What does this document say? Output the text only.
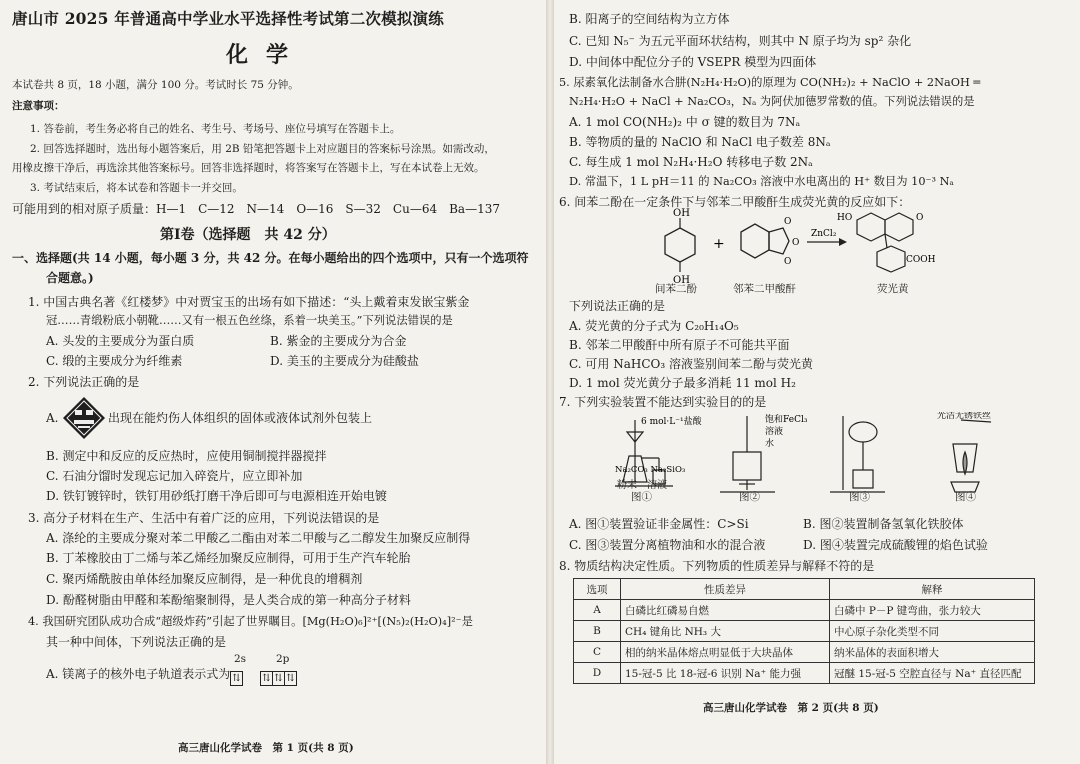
唐山市 2025 年普通高中学业水平选择性考试第二次模拟演练
化学
本试卷共 8 页，18 小题，满分 100 分。考试时长 75 分钟。
注意事项：
1. 答卷前，考生务必将自己的姓名、考生号、考场号、座位号填写在答题卡上。
2. 回答选择题时，选出每小题答案后，用 2B 铅笔把答题卡上对应题目的答案标号涂黑。如需改动，
用橡皮擦干净后，再选涂其他答案标号。回答非选择题时，将答案写在答题卡上，写在本试卷上无效。
3. 考试结束后，将本试卷和答题卡一并交回。
可能用到的相对原子质量：H—1　C—12　N—14　O—16　S—32　Cu—64　Ba—137
第Ⅰ卷（选择题　共 42 分）
一、选择题(共 14 小题，每小题 3 分，共 42 分。在每小题给出的四个选项中，只有一个选项符
合题意。)
1. 中国古典名著《红楼梦》中对贾宝玉的出场有如下描述：“头上戴着束发嵌宝紫金
冠……青缎粉底小朝靴……又有一根五色丝绦，系着一块美玉。”下列说法错误的是
A. 头发的主要成分为蛋白质	B. 紫金的主要成分为合金
C. 缎的主要成分为纤维素	D. 美玉的主要成分为硅酸盐
2. 下列说法正确的是
A.	出现在能灼伤人体组织的固体或液体试剂外包装上
B. 测定中和反应的反应热时，应使用铜制搅拌器搅拌
C. 石油分馏时发现忘记加入碎瓷片，应立即补加
D. 铁钉镀锌时，铁钉用砂纸打磨干净后即可与电源相连开始电镀
3. 高分子材料在生产、生活中有着广泛的应用，下列说法错误的是
A. 涤纶的主要成分聚对苯二甲酸乙二酯由对苯二甲酸与乙二醇发生加聚反应制得
B. 丁苯橡胶由丁二烯与苯乙烯经加聚反应制得，可用于生产汽车轮胎
C. 聚丙烯酰胺由单体经加聚反应制得，是一种优良的增稠剂
D. 酚醛树脂由甲醛和苯酚缩聚制得，是人类合成的第一种高分子材料
4. 我国研究团队成功合成“超级炸药”引起了世界瞩目。[Mg(H₂O)₆]²⁺[(N₅)₂(H₂O)₄]²⁻是
其一种中间体，下列说法正确的是
A. 镁离子的核外电子轨道表示式为
2s	2p
⇅ ⇅ ⇅ ⇅
高三唐山化学试卷　第 1 页(共 8 页)
B. 阳离子的空间结构为立方体
C. 已知 N₅⁻ 为五元平面环状结构，则其中 N 原子均为 sp² 杂化
D. 中间体中配位分子的 VSEPR 模型为四面体
5. 尿素氧化法制备水合肼(N₂H₄·H₂O)的原理为 CO(NH₂)₂ + NaClO + 2NaOH ═
N₂H₄·H₂O + NaCl + Na₂CO₃，Nₐ 为阿伏加德罗常数的值。下列说法错误的是
A. 1 mol CO(NH₂)₂ 中 σ 键的数目为 7Nₐ
B. 等物质的量的 NaClO 和 NaCl 电子数差 8Nₐ
C. 每生成 1 mol N₂H₄·H₂O 转移电子数 2Nₐ
D. 常温下，1 L pH＝11 的 Na₂CO₃ 溶液中水电离出的 H⁺ 数目为 10⁻³ Nₐ
6. 间苯二酚在一定条件下与邻苯二甲酸酐生成荧光黄的反应如下：
OH
OH
+
O
O
O
ZnCl₂
HO	O
COOH
间苯二酚	邻苯二甲酸酐	荧光黄
下列说法正确的是
A. 荧光黄的分子式为 C₂₀H₁₄O₅
B. 邻苯二甲酸酐中所有原子不可能共平面
C. 可用 NaHCO₃ 溶液鉴别间苯二酚与荧光黄
D. 1 mol 荧光黄分子最多消耗 11 mol H₂
7. 下列实验装置不能达到实验目的的是
6 mol·L⁻¹盐酸	饱和FeCl₃
溶液
水
光洁无锈铁丝
Na₂CO₃ Na₂SiO₃
粉末　溶液
图①	图②	图③	图④
A. 图①装置验证非金属性：C>Si	B. 图②装置制备氢氧化铁胶体
C. 图③装置分离植物油和水的混合液	D. 图④装置完成硫酸锂的焰色试验
8. 物质结构决定性质。下列物质的性质差异与解释不符的是
选项	性质差异	解释
A	白磷比红磷易自燃	白磷中 P－P 键弯曲，张力较大
B	CH₄ 键角比 NH₃ 大	中心原子杂化类型不同
C	相的纳米晶体熔点明显低于大块晶体	纳米晶体的表面积增大
D	15-冠-5 比 18-冠-6 识别 Na⁺ 能力强	冠醚 15-冠-5 空腔直径与 Na⁺ 直径匹配
高三唐山化学试卷　第 2 页(共 8 页)
